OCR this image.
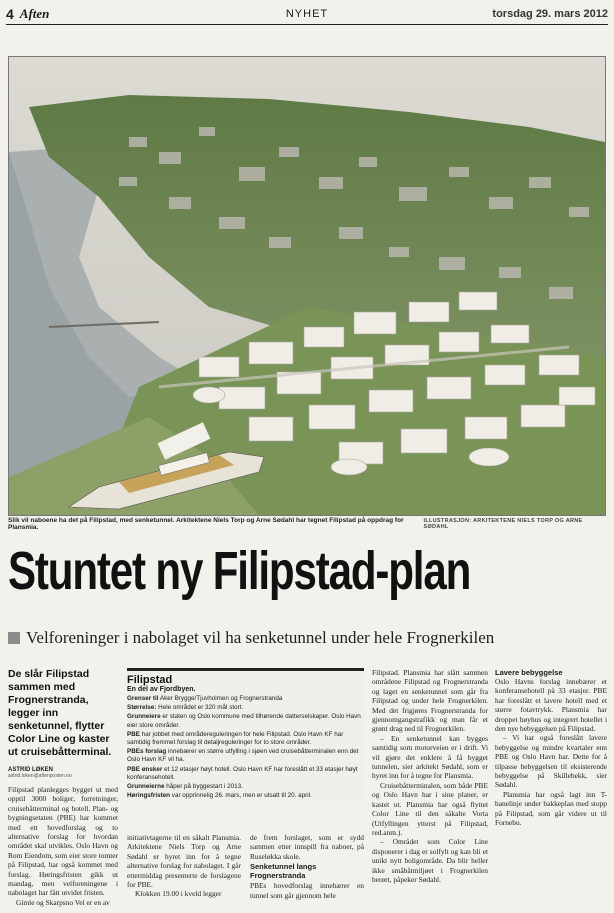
4 Aften	NYHET	torsdag 29. mars 2012
Slik vil naboene ha det på Filipstad, med senketunnel. Arkitektene Niels Torp og Arne Sødahl har tegnet Filipstad på oppdrag for Plansmia.
ILLUSTRASJON: ARKITEKTENE NIELS TORP OG ARNE SØDAHL
Stuntet ny Filipstad-plan
Velforeninger i nabolaget vil ha senketunnel under hele Frognerkilen
De slår Filipstad sammen med Frognerstranda, legger inn senketunnel, flytter Color Line og kaster ut cruisebåtterminal.
ASTRID LØKEN
astrid.loken@aftenposten.no

Filipstad planlegges bygget ut med opptil 3000 boliger, forretninger, cruisebåtterminal og hotell. Plan- og bygningsetaten (PBE) har kommet med ett hovedforslag og to alternative forslag for hvordan området skal utvikles. Oslo Havn og Rom Eiendom, som eier store tomter på Filipstad, har også kommet med forslag. Høringsfristen gikk ut mandag, men velforeningene i nabolaget har fått utvidet fristen.

Gimle og Skarpsno Vel er en av

Filipstad
En del av Fjordbyen.
Grenser til Aker Brygge/Tjuvholmen og Frognerstranda
Størrelse: Hele området er 320 mål stort.
Grunneiere er staten og Oslo kommune med tilhørende datterselskaper. Oslo Havn eier store områder.
PBE har jobbet med områdereguleringen for hele Filipstad. Oslo Havn KF har samtidig fremmet forslag til detaljreguleringer for to store områder.
PBEs forslag innebærer en større utfylling i sjøen ved cruisebåtterminalen enn det Oslo Havn KF vil ha.
PBE ønsker et 12 etasjer høyt hotell. Oslo Havn KF har foreslått et 33 etasjer høyt konferansehotell.
Grunneierne håper på byggestart i 2013.
Høringsfristen var opprinnelig 26. mars, men er utsatt til 20. april.

initiativtagerne til en såkalt Plansmia. Arkitektene Niels Torp og Arne Sødahl er hyret inn for å tegne alternative forslag for nabolaget. I går ettermiddag presenterte de forslagene for PBE.

Klokken 19.00 i kveld legger

de frem forslaget, som er sydd sammen etter innspill fra naboer, på Ruseløkka skole.

Senketunnel langs Frognerstranda

PBEs hovedforslag innebærer en tunnel som går gjennom hele

Filipstad. Plansmia har slått sammen områdene Filipstad og Frognerstranda og laget en senketunnel som går fra Filipstad og under hele Frognerkilen. Med det frigjøres Frognerstranda for gjennomgangstrafikk og man får et grønt drag ned til Frognerkilen.

– En senketunnel kan bygges samtidig som motorveien er i drift. Vi vil gjøre det enklere å få bygget tunnelen, sier arkitekt Sødahl, som er hyret inn for å tegne for Plansmia.

Cruisebåtterminalen, som både PBE og Oslo Havn har i sine planer, er kastet ut. Plansmia har også flyttet Color Line til den såkalte Vorta (Utfyllingen ytterst på Filipstad, red.anm.).

– Området som Color Line disponerer i dag er solfylt og kan bli et unikt nytt boligområde. Da blir heller ikke småbåtmiljøet i Frognerkilen berørt, påpeker Sødahl.

Lavere bebyggelse

Oslo Havns forslag innebærer et konferansehotell på 33 etasjer. PBE har foreslått et lavere hotell med et større fotavtrykk. Plansmia har droppet høyhus og integrert hotellet i den nye bebyggelsen på Filipstad.

– Vi har også foreslått lavere bebyggelse og mindre kvartaler enn PBE og Oslo Havn har. Dette for å tilpasse bebyggelsen til eksisterende bebyggelse på Skillebekk, sier Sødahl.

Plansmia har også lagt inn T-banelinje under bakkeplan med stopp på Filipstad, som går videre ut til Fornebu.
